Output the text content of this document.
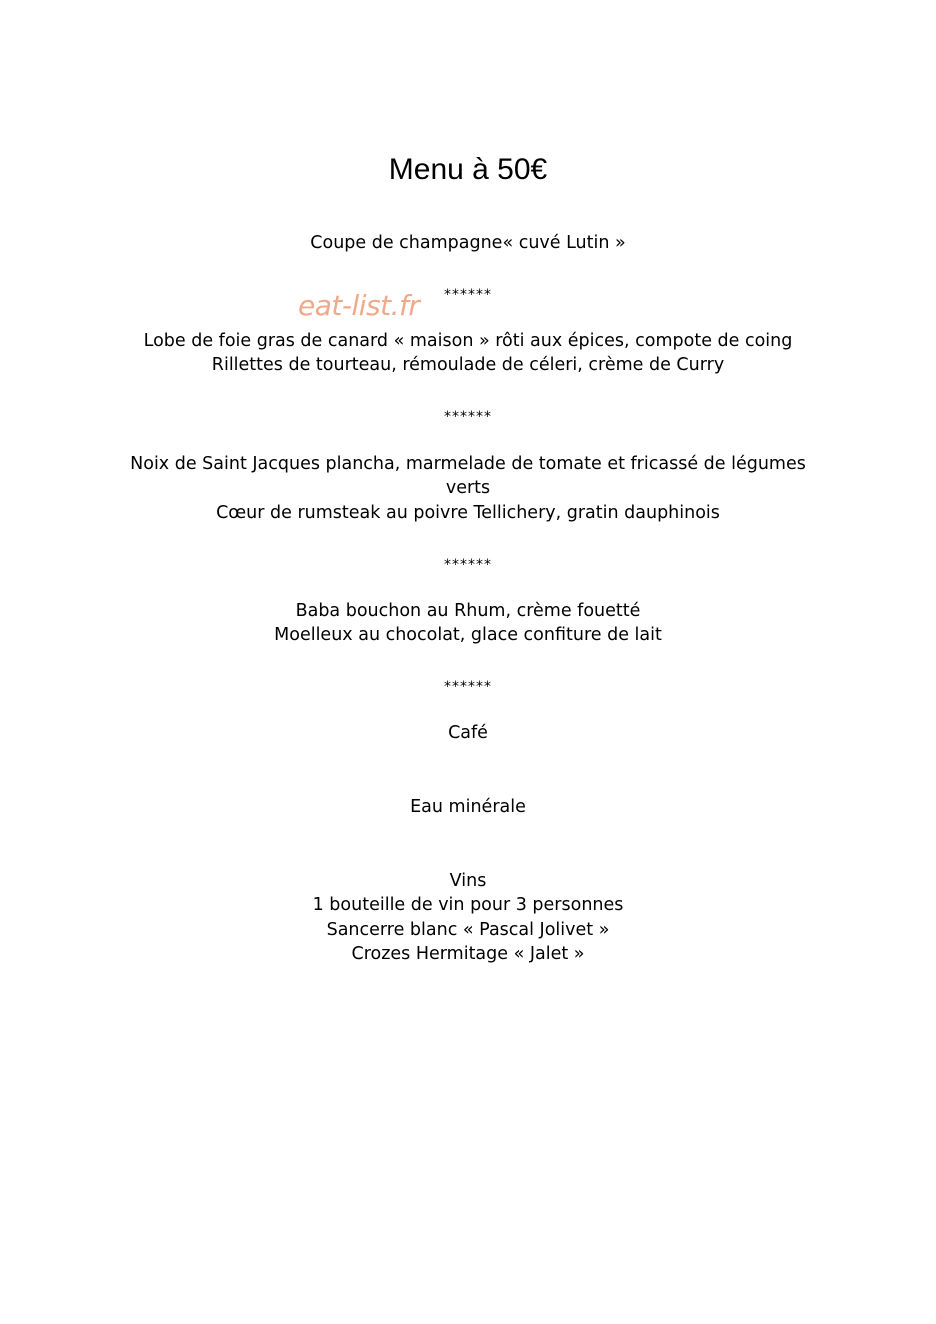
Menu à 50€
Coupe de champagne« cuvé Lutin »
******
eat-list.fr
Lobe de foie gras de canard « maison » rôti aux épices, compote de coing
Rillettes de tourteau, rémoulade de céleri, crème de Curry
******
Noix de Saint Jacques plancha, marmelade de tomate et fricassé de légumes
verts
Cœur de rumsteak au poivre Tellichery, gratin dauphinois
******
Baba bouchon au Rhum, crème fouetté
Moelleux au chocolat, glace confiture de lait
******
Café
Eau minérale
Vins
1 bouteille de vin pour 3 personnes
Sancerre blanc « Pascal Jolivet »
Crozes Hermitage « Jalet »
